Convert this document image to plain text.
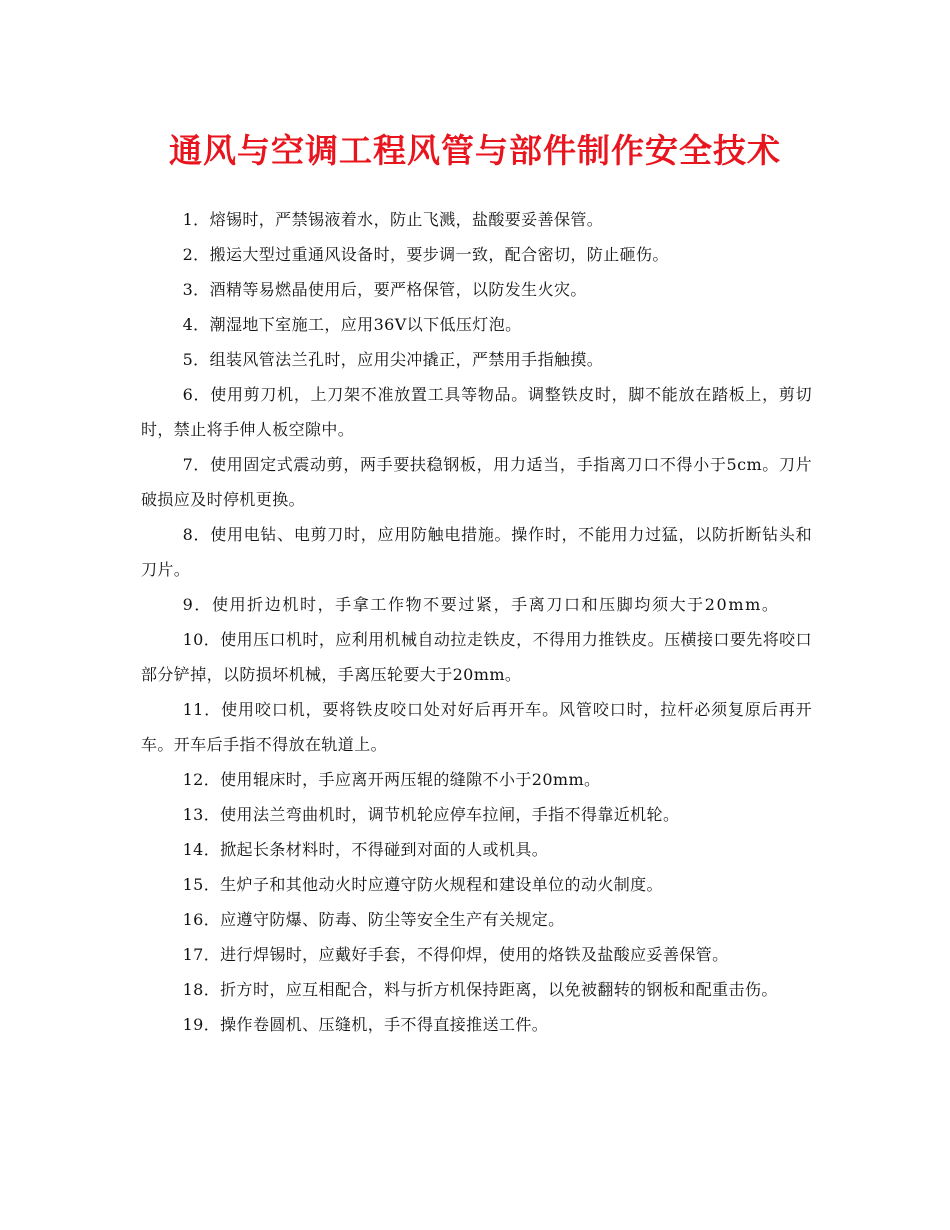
通风与空调工程风管与部件制作安全技术

1．熔锡时，严禁锡液着水，防止飞溅，盐酸要妥善保管。

2．搬运大型过重通风设备时，要步调一致，配合密切，防止砸伤。

3．酒精等易燃晶使用后，要严格保管，以防发生火灾。

4．潮湿地下室施工，应用36V以下低压灯泡。

5．组装风管法兰孔时，应用尖冲撬正，严禁用手指触摸。

6．使用剪刀机，上刀架不准放置工具等物品。调整铁皮时，脚不能放在踏板上，剪切时，禁止将手伸人板空隙中。

7．使用固定式震动剪，两手要扶稳钢板，用力适当，手指离刀口不得小于5cm。刀片破损应及时停机更换。

8．使用电钻、电剪刀时，应用防触电措施。操作时，不能用力过猛，以防折断钻头和刀片。

9．使用折边机时，手拿工作物不要过紧，手离刀口和压脚均须大于20mm。

10．使用压口机时，应利用机械自动拉走铁皮，不得用力推铁皮。压横接口要先将咬口部分铲掉，以防损坏机械，手离压轮要大于20mm。

11．使用咬口机，要将铁皮咬口处对好后再开车。风管咬口时，拉杆必须复原后再开车。开车后手指不得放在轨道上。

12．使用辊床时，手应离开两压辊的缝隙不小于20mm。

13．使用法兰弯曲机时，调节机轮应停车拉闸，手指不得靠近机轮。

14．掀起长条材料时，不得碰到对面的人或机具。

15．生炉子和其他动火时应遵守防火规程和建设单位的动火制度。

16．应遵守防爆、防毒、防尘等安全生产有关规定。

17．进行焊锡时，应戴好手套，不得仰焊，使用的烙铁及盐酸应妥善保管。

18．折方时，应互相配合，料与折方机保持距离，以免被翻转的钢板和配重击伤。

19．操作卷圆机、压缝机，手不得直接推送工件。
